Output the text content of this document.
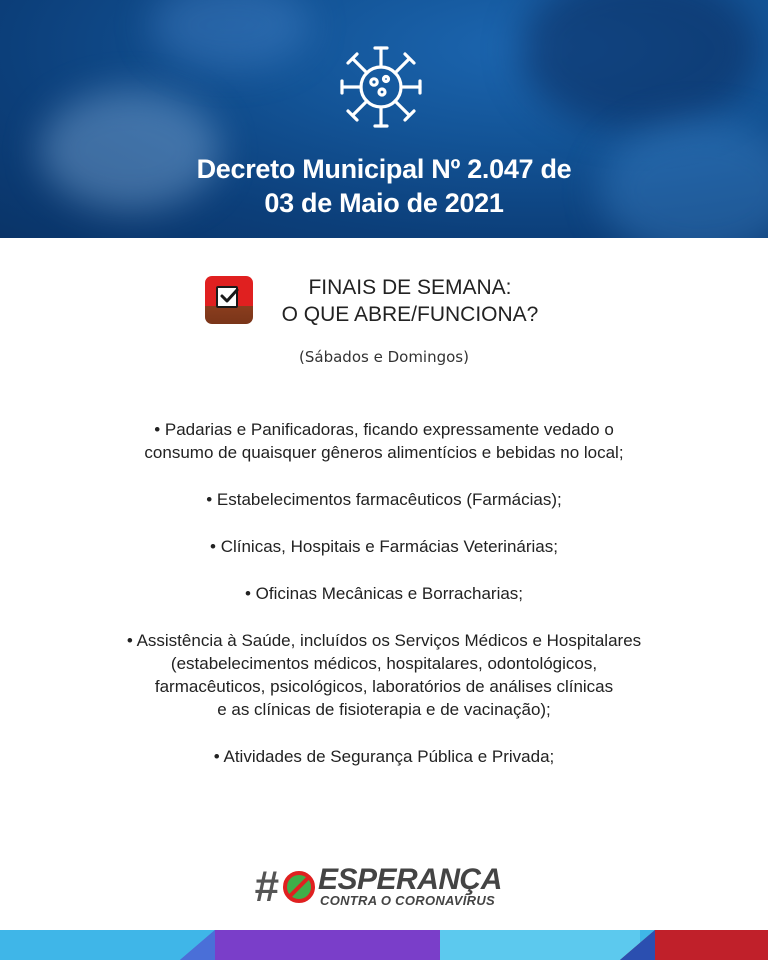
Decreto Municipal Nº 2.047 de
03 de Maio de 2021
FINAIS DE SEMANA:
O QUE ABRE/FUNCIONA?
(Sábados e Domingos)
• Padarias e Panificadoras, ficando expressamente vedado o
consumo de quaisquer gêneros alimentícios e bebidas no local;
• Estabelecimentos farmacêuticos (Farmácias);
• Clínicas, Hospitais e Farmácias Veterinárias;
• Oficinas Mecânicas e Borracharias;
• Assistência à Saúde, incluídos os Serviços Médicos e Hospitalares
(estabelecimentos médicos, hospitalares, odontológicos,
farmacêuticos, psicológicos, laboratórios de análises clínicas
e as clínicas de fisioterapia e de vacinação);
• Atividades de Segurança Pública e Privada;
# ESPERANÇA
CONTRA O CORONAVÍRUS
